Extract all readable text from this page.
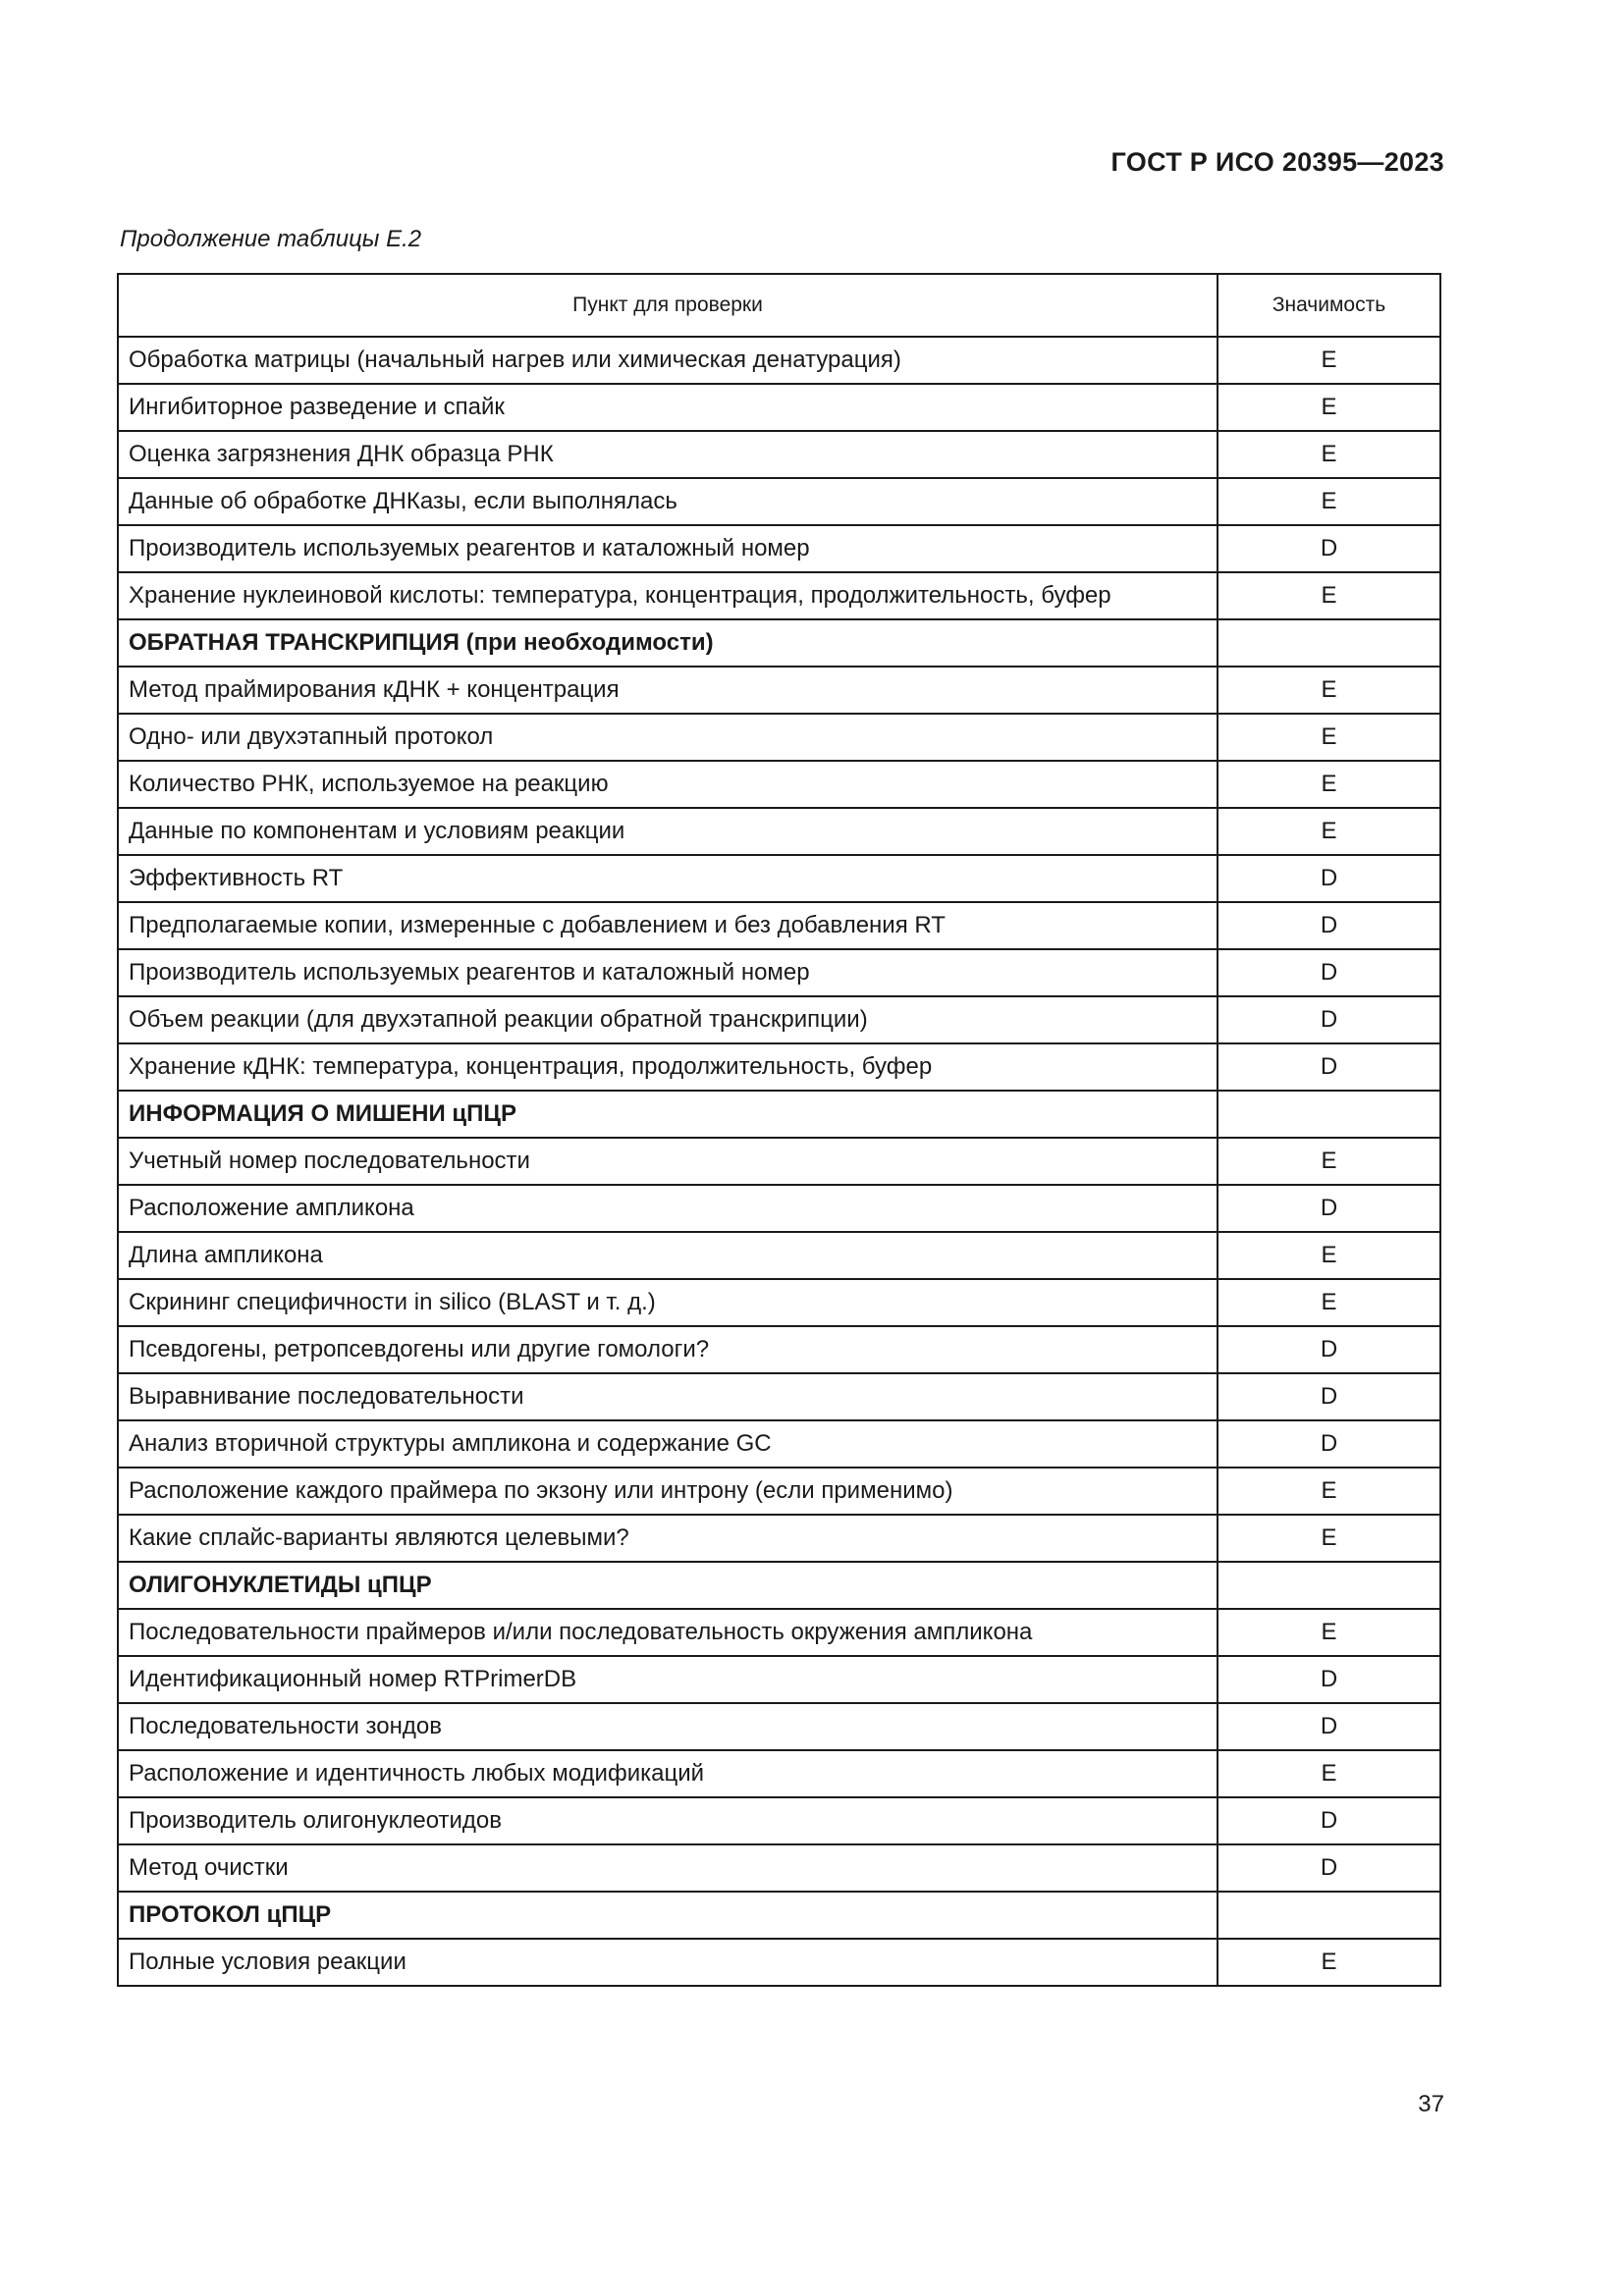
ГОСТ Р ИСО 20395—2023
Продолжение таблицы Е.2
Пункт для проверки	Значимость
Обработка матрицы (начальный нагрев или химическая денатурация)	E
Ингибиторное разведение и спайк	E
Оценка загрязнения ДНК образца РНК	E
Данные об обработке ДНКазы, если выполнялась	E
Производитель используемых реагентов и каталожный номер	D
Хранение нуклеиновой кислоты: температура, концентрация, продолжительность, буфер	E
ОБРАТНАЯ ТРАНСКРИПЦИЯ (при необходимости)	
Метод праймирования кДНК + концентрация	E
Одно- или двухэтапный протокол	E
Количество РНК, используемое на реакцию	E
Данные по компонентам и условиям реакции	E
Эффективность RT	D
Предполагаемые копии, измеренные с добавлением и без добавления RT	D
Производитель используемых реагентов и каталожный номер	D
Объем реакции (для двухэтапной реакции обратной транскрипции)	D
Хранение кДНК: температура, концентрация, продолжительность, буфер	D
ИНФОРМАЦИЯ О МИШЕНИ цПЦР	
Учетный номер последовательности	E
Расположение ампликона	D
Длина ампликона	E
Скрининг специфичности in silico (BLAST и т. д.)	E
Псевдогены, ретропсевдогены или другие гомологи?	D
Выравнивание последовательности	D
Анализ вторичной структуры ампликона и содержание GC	D
Расположение каждого праймера по экзону или интрону (если применимо)	E
Какие сплайс-варианты являются целевыми?	E
ОЛИГОНУКЛЕТИДЫ цПЦР	
Последовательности праймеров и/или последовательность окружения ампликона	E
Идентификационный номер RTPrimerDB	D
Последовательности зондов	D
Расположение и идентичность любых модификаций	E
Производитель олигонуклеотидов	D
Метод очистки	D
ПРОТОКОЛ цПЦР	
Полные условия реакции	E
37
